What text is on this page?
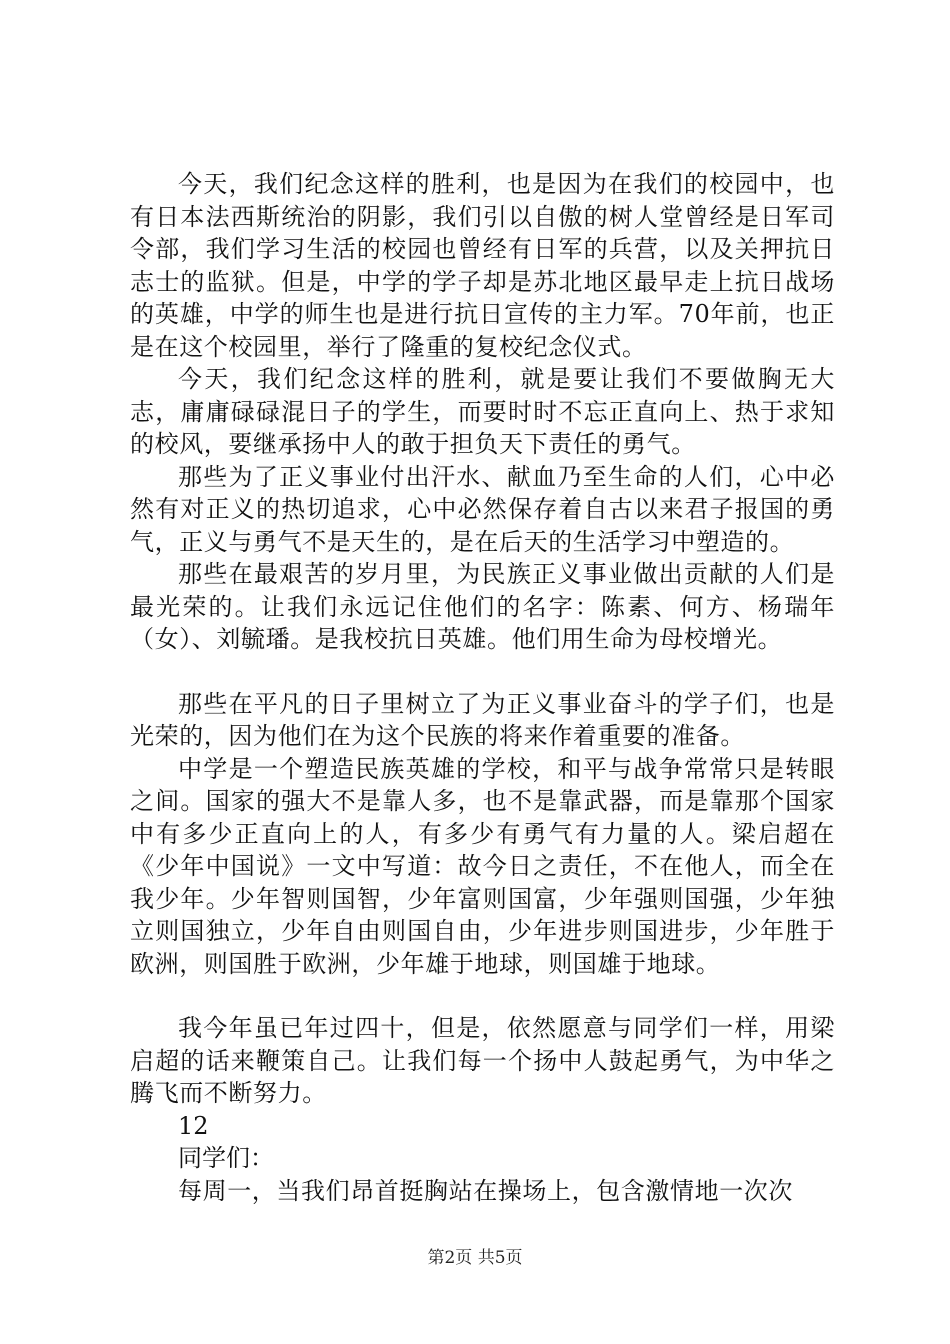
今天，我们纪念这样的胜利，也是因为在我们的校园中，也有日本法西斯统治的阴影，我们引以自傲的树人堂曾经是日军司令部，我们学习生活的校园也曾经有日军的兵营，以及关押抗日志士的监狱。但是，中学的学子却是苏北地区最早走上抗日战场的英雄，中学的师生也是进行抗日宣传的主力军。70年前，也正是在这个校园里，举行了隆重的复校纪念仪式。

今天，我们纪念这样的胜利，就是要让我们不要做胸无大志，庸庸碌碌混日子的学生，而要时时不忘正直向上、热于求知的校风，要继承扬中人的敢于担负天下责任的勇气。

那些为了正义事业付出汗水、献血乃至生命的人们，心中必然有对正义的热切追求，心中必然保存着自古以来君子报国的勇气，正义与勇气不是天生的，是在后天的生活学习中塑造的。

那些在最艰苦的岁月里，为民族正义事业做出贡献的人们是最光荣的。让我们永远记住他们的名字：陈素、何方、杨瑞年（女）、刘毓璠。是我校抗日英雄。他们用生命为母校增光。

那些在平凡的日子里树立了为正义事业奋斗的学子们，也是光荣的，因为他们在为这个民族的将来作着重要的准备。

中学是一个塑造民族英雄的学校，和平与战争常常只是转眼之间。国家的强大不是靠人多，也不是靠武器，而是靠那个国家中有多少正直向上的人，有多少有勇气有力量的人。梁启超在《少年中国说》一文中写道：故今日之责任，不在他人，而全在我少年。少年智则国智，少年富则国富，少年强则国强，少年独立则国独立，少年自由则国自由，少年进步则国进步，少年胜于欧洲，则国胜于欧洲，少年雄于地球，则国雄于地球。

我今年虽已年过四十，但是，依然愿意与同学们一样，用梁启超的话来鞭策自己。让我们每一个扬中人鼓起勇气，为中华之腾飞而不断努力。

12

同学们：

每周一，当我们昂首挺胸站在操场上，包含激情地一次次

第2页 共5页
